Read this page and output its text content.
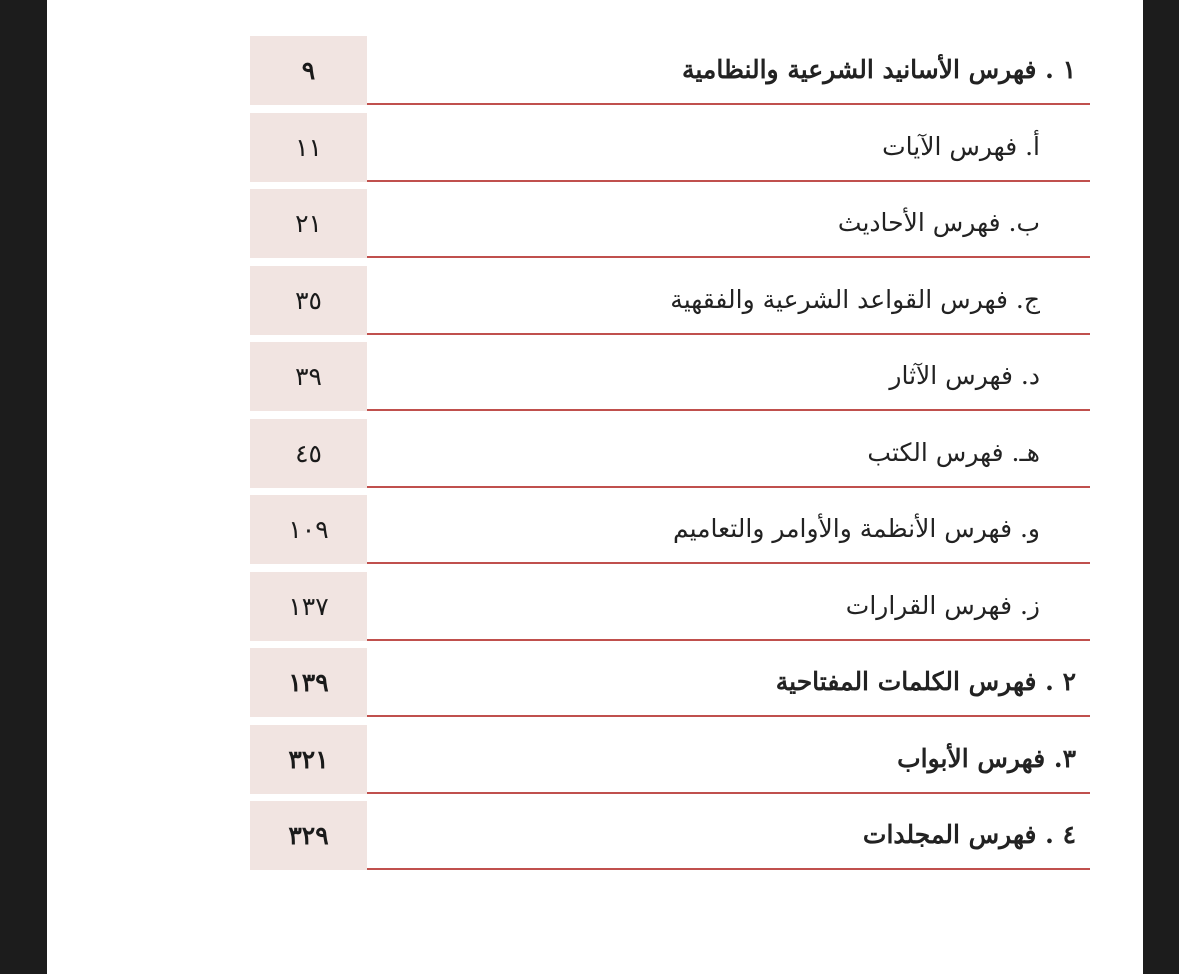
٩	١ . فهرس الأسانيد الشرعية والنظامية
١١	أ. فهرس الآيات
٢١	ب. فهرس الأحاديث
٣٥	ج. فهرس القواعد الشرعية والفقهية
٣٩	د. فهرس الآثار
٤٥	هـ. فهرس الكتب
١٠٩	و. فهرس الأنظمة والأوامر والتعاميم
١٣٧	ز. فهرس القرارات
١٣٩	٢ . فهرس الكلمات المفتاحية
٣٢١	٣. فهرس الأبواب
٣٢٩	٤ . فهرس المجلدات
